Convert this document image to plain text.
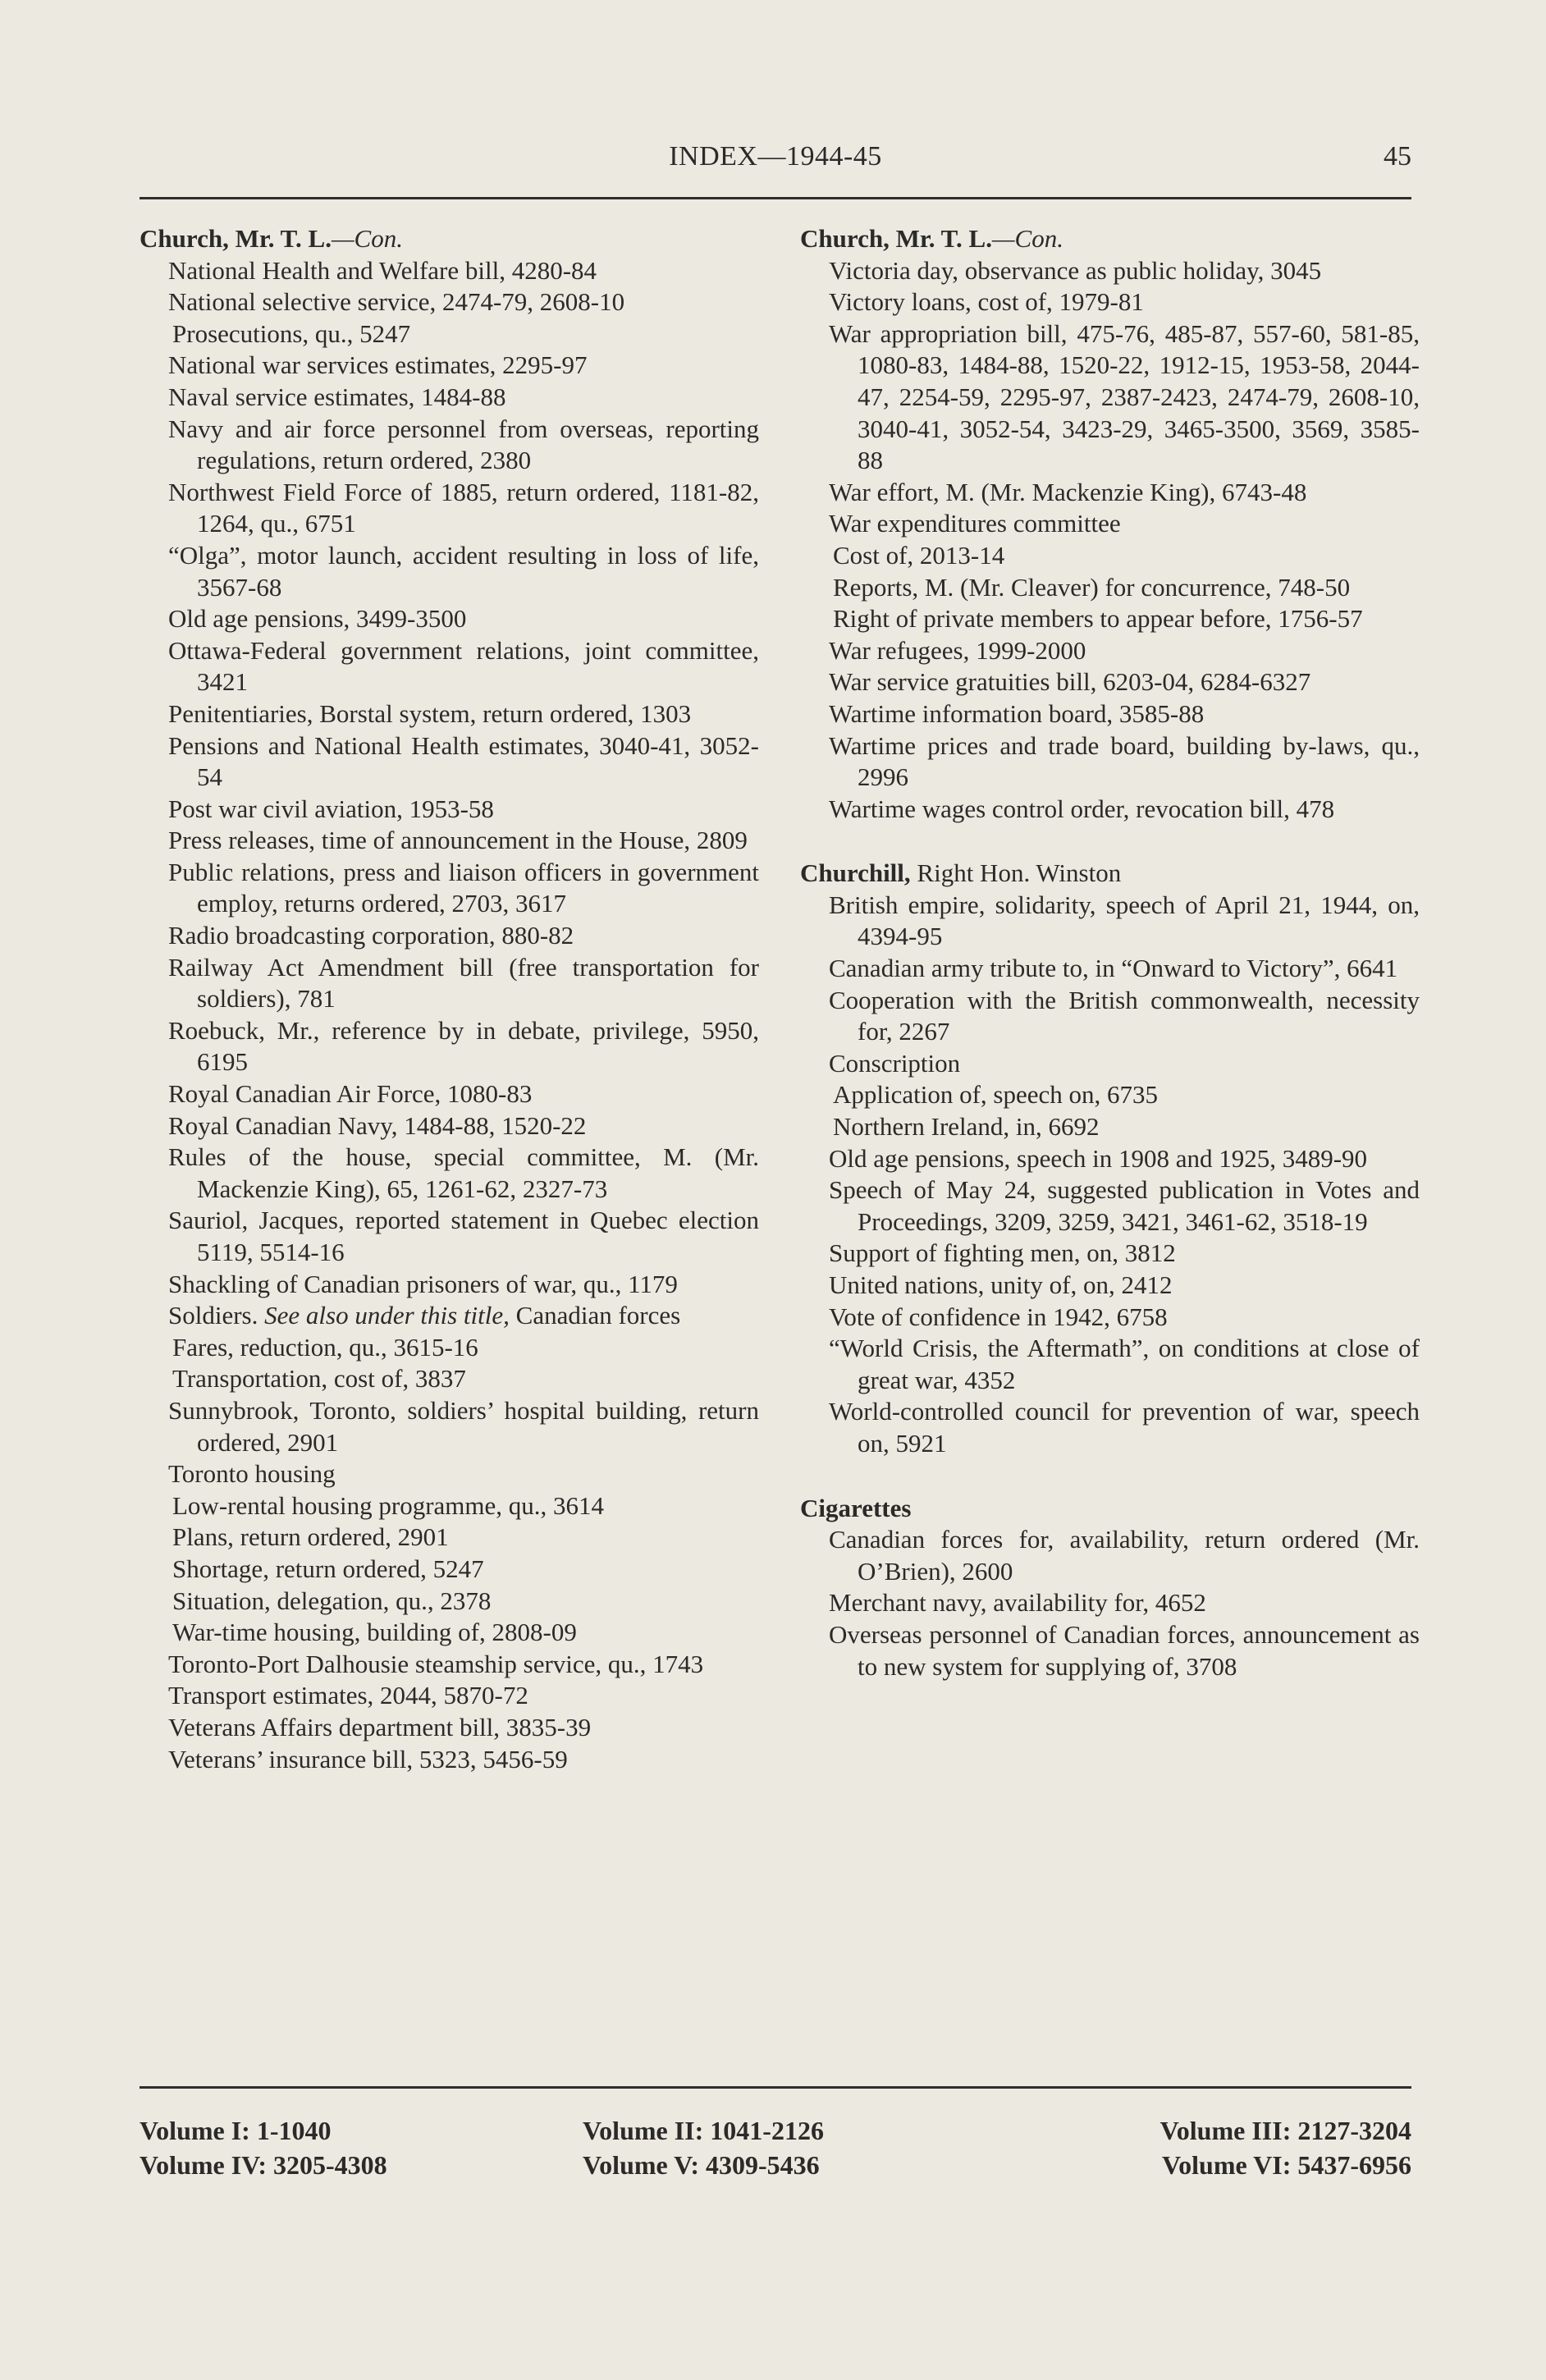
INDEX—1944-45	45

Church, Mr. T. L.—Con.

National Health and Welfare bill, 4280-84

National selective service, 2474-79, 2608-10

Prosecutions, qu., 5247

National war services estimates, 2295-97

Naval service estimates, 1484-88

Navy and air force personnel from overseas, reporting regulations, return ordered, 2380

Northwest Field Force of 1885, return ordered, 1181-82, 1264, qu., 6751

“Olga”, motor launch, accident resulting in loss of life, 3567-68

Old age pensions, 3499-3500

Ottawa-Federal government relations, joint committee, 3421

Penitentiaries, Borstal system, return ordered, 1303

Pensions and National Health estimates, 3040-41, 3052-54

Post war civil aviation, 1953-58

Press releases, time of announcement in the House, 2809

Public relations, press and liaison officers in government employ, returns ordered, 2703, 3617

Radio broadcasting corporation, 880-82

Railway Act Amendment bill (free transportation for soldiers), 781

Roebuck, Mr., reference by in debate, privilege, 5950, 6195

Royal Canadian Air Force, 1080-83

Royal Canadian Navy, 1484-88, 1520-22

Rules of the house, special committee, M. (Mr. Mackenzie King), 65, 1261-62, 2327-73

Sauriol, Jacques, reported statement in Quebec election 5119, 5514-16

Shackling of Canadian prisoners of war, qu., 1179

Soldiers. See also under this title, Canadian forces

Fares, reduction, qu., 3615-16

Transportation, cost of, 3837

Sunnybrook, Toronto, soldiers’ hospital building, return ordered, 2901

Toronto housing

Low-rental housing programme, qu., 3614

Plans, return ordered, 2901

Shortage, return ordered, 5247

Situation, delegation, qu., 2378

War-time housing, building of, 2808-09

Toronto-Port Dalhousie steamship service, qu., 1743

Transport estimates, 2044, 5870-72

Veterans Affairs department bill, 3835-39

Veterans’ insurance bill, 5323, 5456-59

Church, Mr. T. L.—Con.

Victoria day, observance as public holiday, 3045

Victory loans, cost of, 1979-81

War appropriation bill, 475-76, 485-87, 557-60, 581-85, 1080-83, 1484-88, 1520-22, 1912-15, 1953-58, 2044-47, 2254-59, 2295-97, 2387-2423, 2474-79, 2608-10, 3040-41, 3052-54, 3423-29, 3465-3500, 3569, 3585-88

War effort, M. (Mr. Mackenzie King), 6743-48

War expenditures committee

Cost of, 2013-14

Reports, M. (Mr. Cleaver) for concurrence, 748-50

Right of private members to appear before, 1756-57

War refugees, 1999-2000

War service gratuities bill, 6203-04, 6284-6327

Wartime information board, 3585-88

Wartime prices and trade board, building by-laws, qu., 2996

Wartime wages control order, revocation bill, 478

Churchill, Right Hon. Winston

British empire, solidarity, speech of April 21, 1944, on, 4394-95

Canadian army tribute to, in “Onward to Victory”, 6641

Cooperation with the British commonwealth, necessity for, 2267

Conscription

Application of, speech on, 6735

Northern Ireland, in, 6692

Old age pensions, speech in 1908 and 1925, 3489-90

Speech of May 24, suggested publication in Votes and Proceedings, 3209, 3259, 3421, 3461-62, 3518-19

Support of fighting men, on, 3812

United nations, unity of, on, 2412

Vote of confidence in 1942, 6758

“World Crisis, the Aftermath”, on conditions at close of great war, 4352

World-controlled council for prevention of war, speech on, 5921

Cigarettes

Canadian forces for, availability, return ordered (Mr. O’Brien), 2600

Merchant navy, availability for, 4652

Overseas personnel of Canadian forces, announcement as to new system for supplying of, 3708

Volume I: 1-1040	Volume II: 1041-2126	Volume III: 2127-3204
Volume IV: 3205-4308	Volume V: 4309-5436	Volume VI: 5437-6956
